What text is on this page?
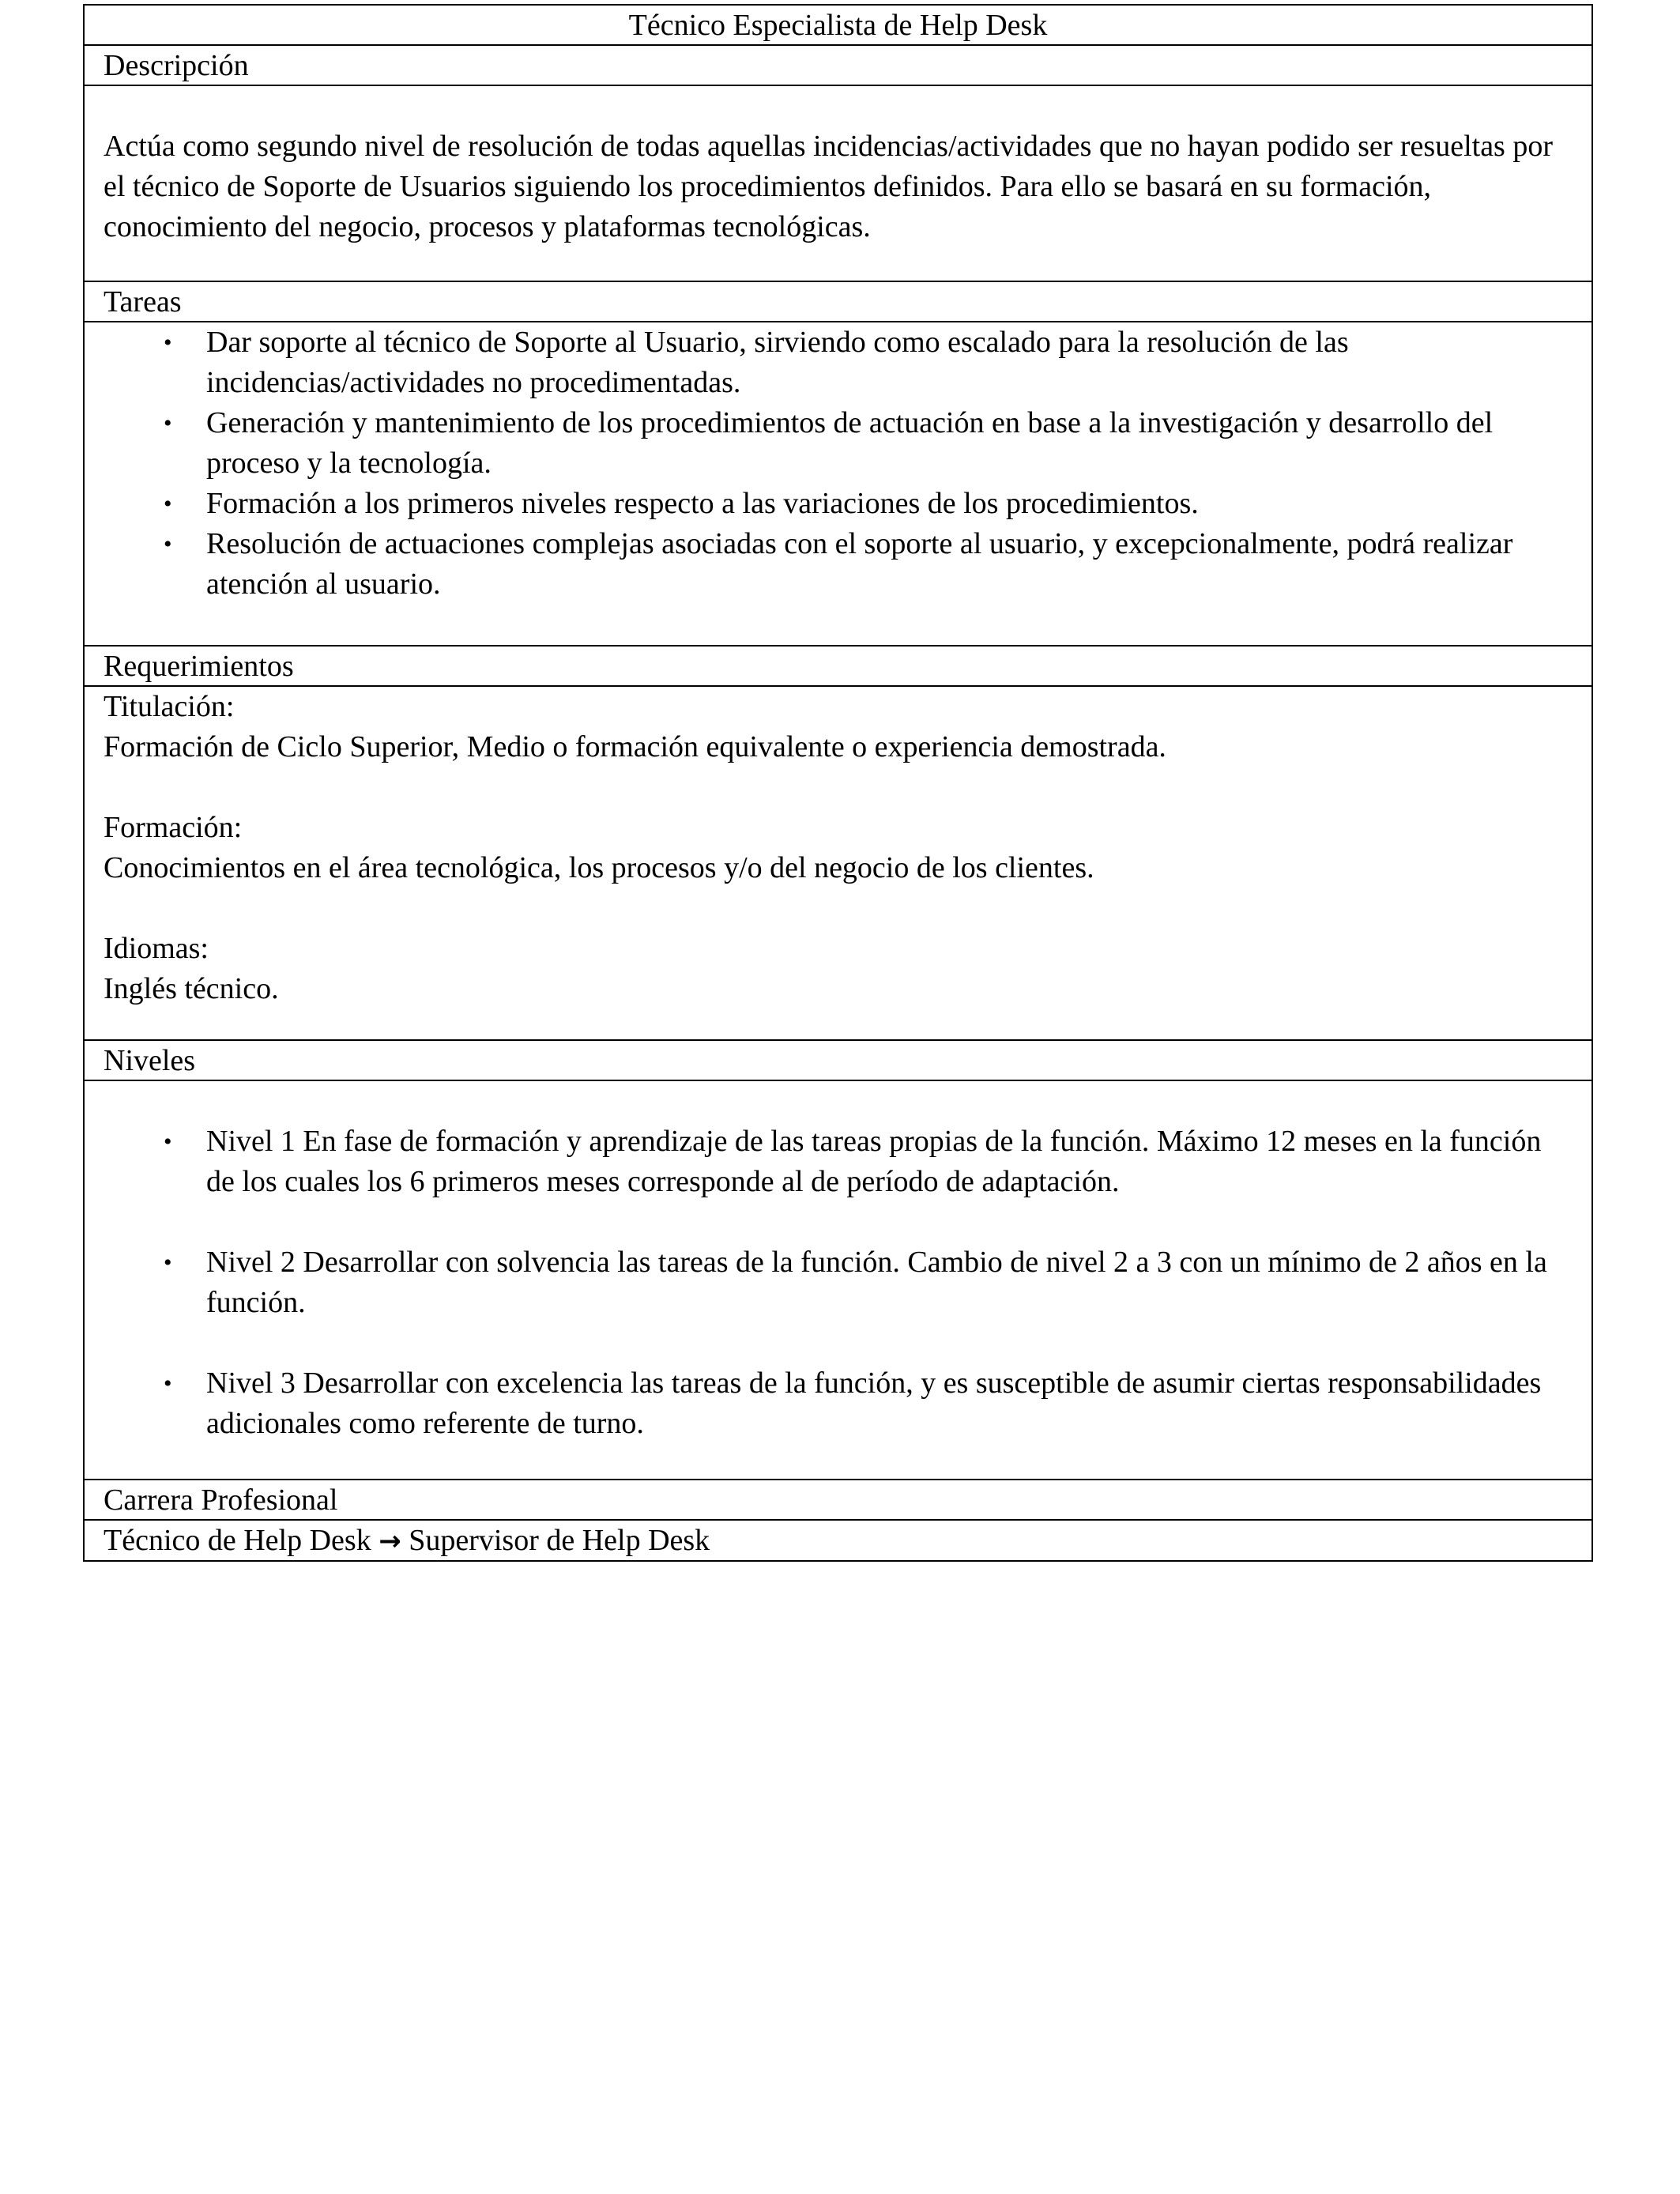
Técnico Especialista de Help Desk
Descripción
Actúa como segundo nivel de resolución de todas aquellas incidencias/actividades que no hayan podido ser resueltas por el técnico de Soporte de Usuarios siguiendo los procedimientos definidos. Para ello se basará en su formación, conocimiento del negocio, procesos y plataformas tecnológicas.
Tareas
• Dar soporte al técnico de Soporte al Usuario, sirviendo como escalado para la resolución de las incidencias/actividades no procedimentadas.
• Generación y mantenimiento de los procedimientos de actuación en base a la investigación y desarrollo del proceso y la tecnología.
• Formación a los primeros niveles respecto a las variaciones de los procedimientos.
• Resolución de actuaciones complejas asociadas con el soporte al usuario, y excepcionalmente, podrá realizar atención al usuario.
Requerimientos
Titulación:
Formación de Ciclo Superior, Medio o formación equivalente o experiencia demostrada.
Formación:
Conocimientos en el área tecnológica, los procesos y/o del negocio de los clientes.
Idiomas:
Inglés técnico.
Niveles
• Nivel 1 En fase de formación y aprendizaje de las tareas propias de la función. Máximo 12 meses en la función de los cuales los 6 primeros meses corresponde al de período de adaptación.
• Nivel 2 Desarrollar con solvencia las tareas de la función. Cambio de nivel 2 a 3 con un mínimo de 2 años en la función.
• Nivel 3 Desarrollar con excelencia las tareas de la función, y es susceptible de asumir ciertas responsabilidades adicionales como referente de turno.
Carrera Profesional
Técnico de Help Desk → Supervisor de Help Desk
